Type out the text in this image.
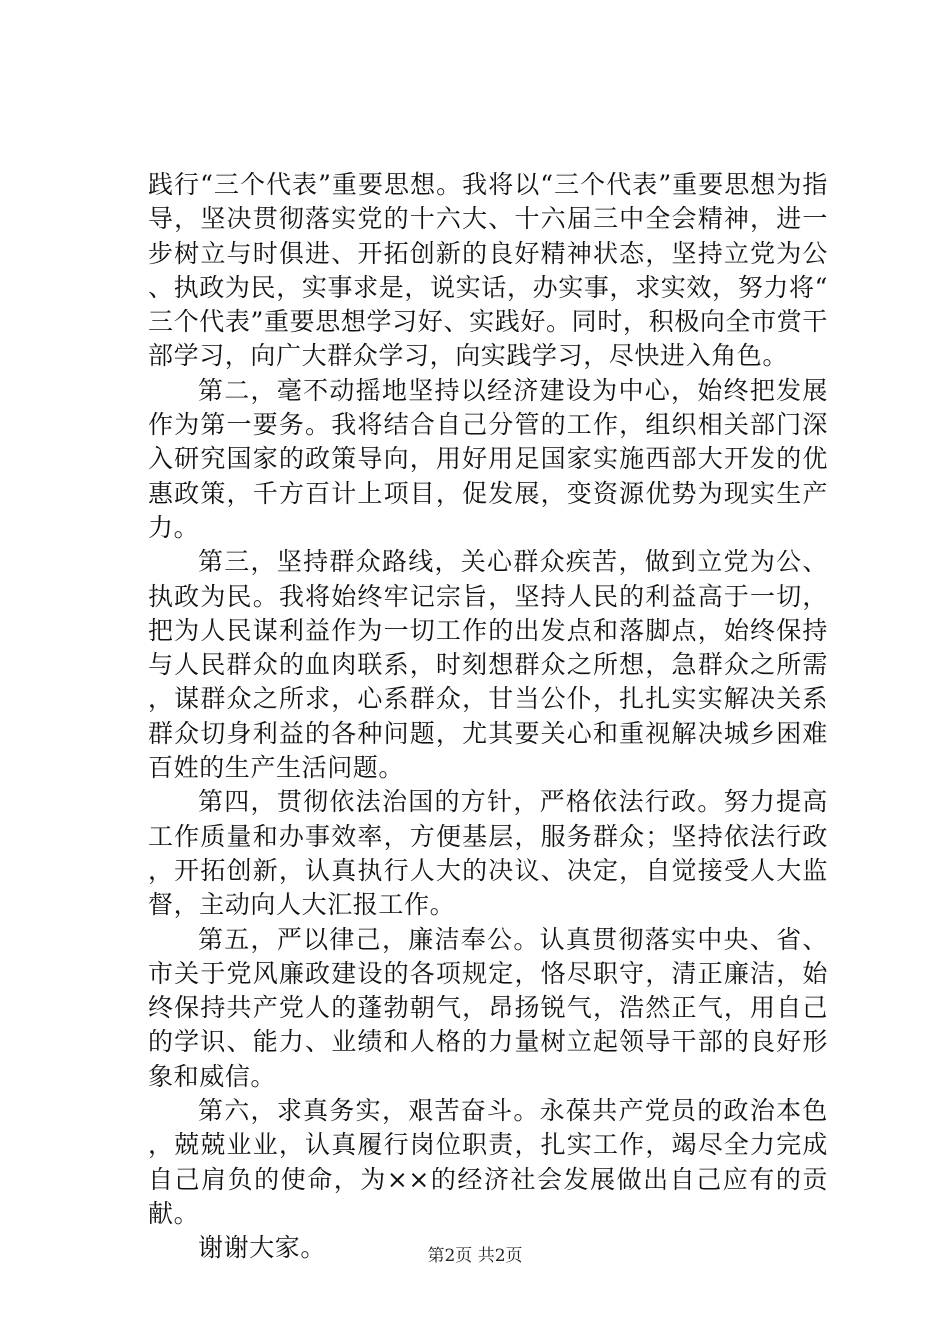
践行“三个代表”重要思想。我将以“三个代表”重要思想为指导，坚决贯彻落实党的十六大、十六届三中全会精神，进一步树立与时俱进、开拓创新的良好精神状态，坚持立党为公、执政为民，实事求是，说实话，办实事，求实效，努力将“三个代表”重要思想学习好、实践好。同时，积极向全市赏干部学习，向广大群众学习，向实践学习，尽快进入角色。

第二，毫不动摇地坚持以经济建设为中心，始终把发展作为第一要务。我将结合自己分管的工作，组织相关部门深入研究国家的政策导向，用好用足国家实施西部大开发的优惠政策，千方百计上项目，促发展，变资源优势为现实生产力。

第三，坚持群众路线，关心群众疾苦，做到立党为公、执政为民。我将始终牢记宗旨，坚持人民的利益高于一切，把为人民谋利益作为一切工作的出发点和落脚点，始终保持与人民群众的血肉联系，时刻想群众之所想，急群众之所需，谋群众之所求，心系群众，甘当公仆，扎扎实实解决关系群众切身利益的各种问题，尤其要关心和重视解决城乡困难百姓的生产生活问题。

第四，贯彻依法治国的方针，严格依法行政。努力提高工作质量和办事效率，方便基层，服务群众；坚持依法行政，开拓创新，认真执行人大的决议、决定，自觉接受人大监督，主动向人大汇报工作。

第五，严以律己，廉洁奉公。认真贯彻落实中央、省、市关于党风廉政建设的各项规定，恪尽职守，清正廉洁，始终保持共产党人的蓬勃朝气，昂扬锐气，浩然正气，用自己的学识、能力、业绩和人格的力量树立起领导干部的良好形象和威信。

第六，求真务实，艰苦奋斗。永葆共产党员的政治本色，兢兢业业，认真履行岗位职责，扎实工作，竭尽全力完成自己肩负的使命，为××的经济社会发展做出自己应有的贡献。

谢谢大家。	第2页 共2页
